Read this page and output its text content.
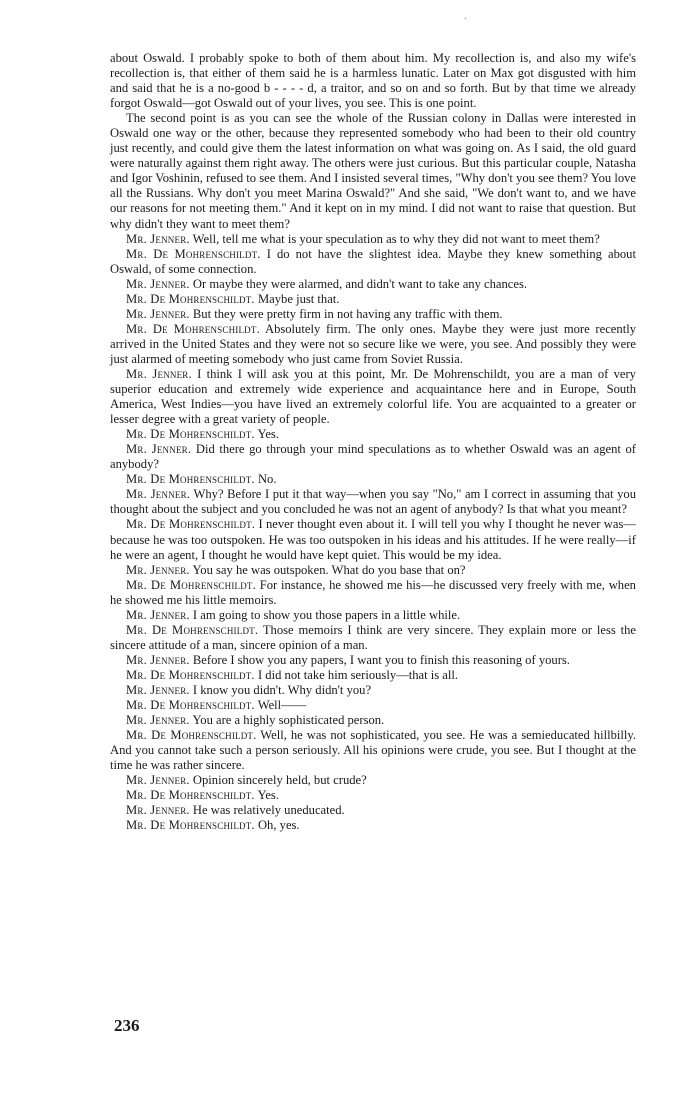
·

about Oswald. I probably spoke to both of them about him. My recollection is, and also my wife's recollection is, that either of them said he is a harmless lunatic. Later on Max got disgusted with him and said that he is a no-good b - - - - d, a traitor, and so on and so forth. But by that time we already forgot Oswald—got Oswald out of your lives, you see. This is one point.

The second point is as you can see the whole of the Russian colony in Dallas were interested in Oswald one way or the other, because they represented somebody who had been to their old country just recently, and could give them the latest information on what was going on. As I said, the old guard were naturally against them right away. The others were just curious. But this particular couple, Natasha and Igor Voshinin, refused to see them. And I insisted several times, "Why don't you see them? You love all the Russians. Why don't you meet Marina Oswald?" And she said, "We don't want to, and we have our reasons for not meeting them." And it kept on in my mind. I did not want to raise that question. But why didn't they want to meet them?

Mr. Jenner. Well, tell me what is your speculation as to why they did not want to meet them?

Mr. De Mohrenschildt. I do not have the slightest idea. Maybe they knew something about Oswald, of some connection.

Mr. Jenner. Or maybe they were alarmed, and didn't want to take any chances.

Mr. De Mohrenschildt. Maybe just that.

Mr. Jenner. But they were pretty firm in not having any traffic with them.

Mr. De Mohrenschildt. Absolutely firm. The only ones. Maybe they were just more recently arrived in the United States and they were not so secure like we were, you see. And possibly they were just alarmed of meeting somebody who just came from Soviet Russia.

Mr. Jenner. I think I will ask you at this point, Mr. De Mohrenschildt, you are a man of very superior education and extremely wide experience and acquaintance here and in Europe, South America, West Indies—you have lived an extremely colorful life. You are acquainted to a greater or lesser degree with a great variety of people.

Mr. De Mohrenschildt. Yes.

Mr. Jenner. Did there go through your mind speculations as to whether Oswald was an agent of anybody?

Mr. De Mohrenschildt. No.

Mr. Jenner. Why? Before I put it that way—when you say "No," am I correct in assuming that you thought about the subject and you concluded he was not an agent of anybody? Is that what you meant?

Mr. De Mohrenschildt. I never thought even about it. I will tell you why I thought he never was—because he was too outspoken. He was too outspoken in his ideas and his attitudes. If he were really—if he were an agent, I thought he would have kept quiet. This would be my idea.

Mr. Jenner. You say he was outspoken. What do you base that on?

Mr. De Mohrenschildt. For instance, he showed me his—he discussed very freely with me, when he showed me his little memoirs.

Mr. Jenner. I am going to show you those papers in a little while.

Mr. De Mohrenschildt. Those memoirs I think are very sincere. They explain more or less the sincere attitude of a man, sincere opinion of a man.

Mr. Jenner. Before I show you any papers, I want you to finish this reasoning of yours.

Mr. De Mohrenschildt. I did not take him seriously—that is all.

Mr. Jenner. I know you didn't. Why didn't you?

Mr. De Mohrenschildt. Well——

Mr. Jenner. You are a highly sophisticated person.

Mr. De Mohrenschildt. Well, he was not sophisticated, you see. He was a semieducated hillbilly. And you cannot take such a person seriously. All his opinions were crude, you see. But I thought at the time he was rather sincere.

Mr. Jenner. Opinion sincerely held, but crude?

Mr. De Mohrenschildt. Yes.

Mr. Jenner. He was relatively uneducated.

Mr. De Mohrenschildt. Oh, yes.

236
